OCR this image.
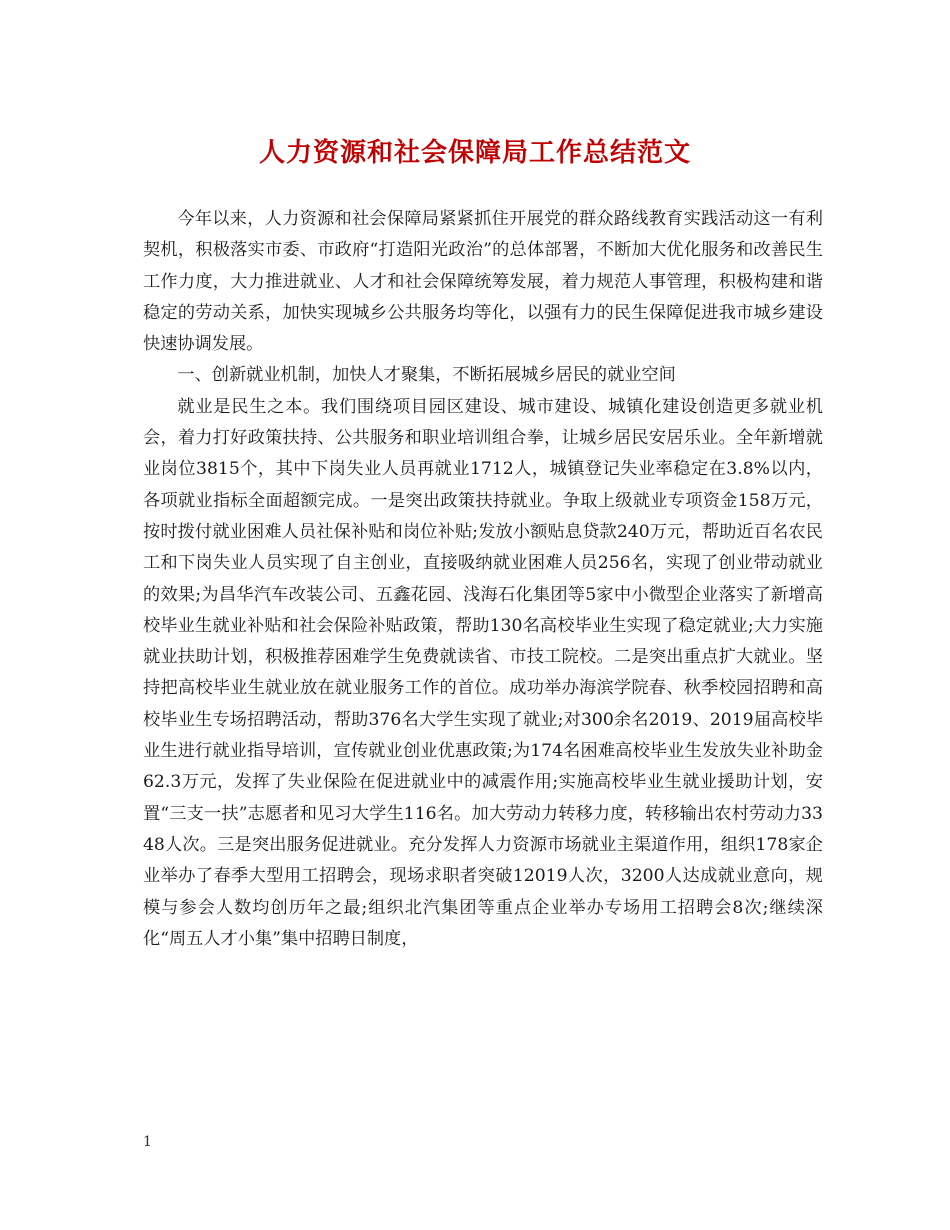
人力资源和社会保障局工作总结范文

今年以来，人力资源和社会保障局紧紧抓住开展党的群众路线教育实践活动这一有利契机，积极落实市委、市政府“打造阳光政治”的总体部署，不断加大优化服务和改善民生工作力度，大力推进就业、人才和社会保障统筹发展，着力规范人事管理，积极构建和谐稳定的劳动关系，加快实现城乡公共服务均等化，以强有力的民生保障促进我市城乡建设快速协调发展。

一、创新就业机制，加快人才聚集，不断拓展城乡居民的就业空间

就业是民生之本。我们围绕项目园区建设、城市建设、城镇化建设创造更多就业机会，着力打好政策扶持、公共服务和职业培训组合拳，让城乡居民安居乐业。全年新增就业岗位3815个，其中下岗失业人员再就业1712人，城镇登记失业率稳定在3.8%以内，各项就业指标全面超额完成。一是突出政策扶持就业。争取上级就业专项资金158万元，按时拨付就业困难人员社保补贴和岗位补贴;发放小额贴息贷款240万元，帮助近百名农民工和下岗失业人员实现了自主创业，直接吸纳就业困难人员256名，实现了创业带动就业的效果;为昌华汽车改装公司、五鑫花园、浅海石化集团等5家中小微型企业落实了新增高校毕业生就业补贴和社会保险补贴政策，帮助130名高校毕业生实现了稳定就业;大力实施就业扶助计划，积极推荐困难学生免费就读省、市技工院校。二是突出重点扩大就业。坚持把高校毕业生就业放在就业服务工作的首位。成功举办海滨学院春、秋季校园招聘和高校毕业生专场招聘活动，帮助376名大学生实现了就业;对300余名2019、2019届高校毕业生进行就业指导培训，宣传就业创业优惠政策;为174名困难高校毕业生发放失业补助金62.3万元，发挥了失业保险在促进就业中的减震作用;实施高校毕业生就业援助计划，安置“三支一扶”志愿者和见习大学生116名。加大劳动力转移力度，转移输出农村劳动力3348人次。三是突出服务促进就业。充分发挥人力资源市场就业主渠道作用，组织178家企业举办了春季大型用工招聘会，现场求职者突破12019人次，3200人达成就业意向，规模与参会人数均创历年之最;组织北汽集团等重点企业举办专场用工招聘会8次;继续深化“周五人才小集”集中招聘日制度，

1
